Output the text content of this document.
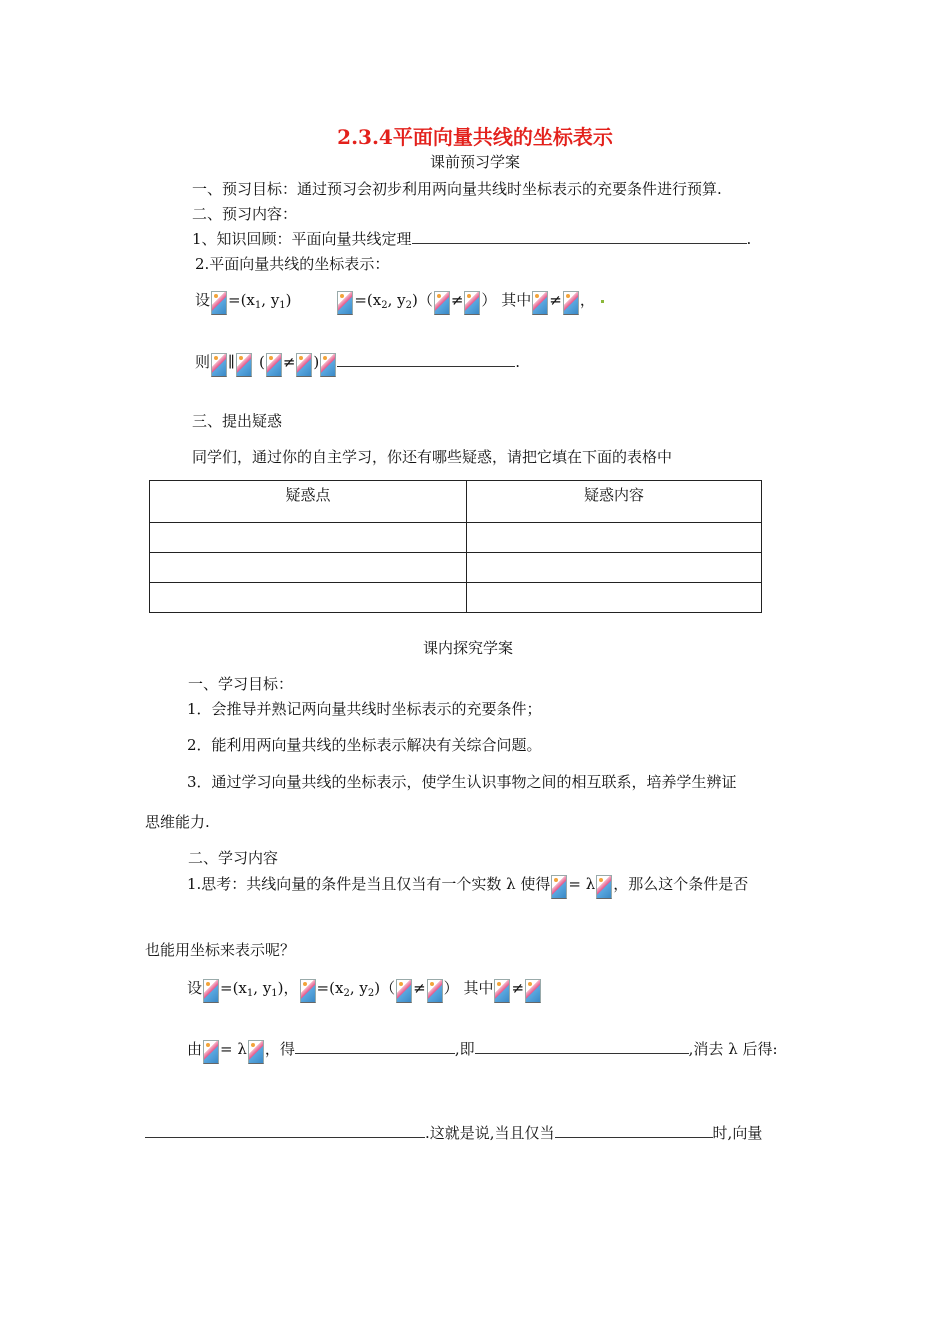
2.3.4平面向量共线的坐标表示
课前预习学案
一、预习目标：通过预习会初步利用两向量共线时坐标表示的充要条件进行预算.
二、预习内容：
1、知识回顾：平面向量共线定理	.
2.平面向量共线的坐标表示：
设 $=(x_1$, $y_1$)	$=(x_2$, $y_2$)（ ≠ ） 其中 ≠ ，
则 ∥ ( ≠ )	.
三、提出疑惑
同学们，通过你的自主学习，你还有哪些疑惑，请把它填在下面的表格中
疑惑点	疑惑内容

课内探究学案
一、学习目标：
1．会推导并熟记两向量共线时坐标表示的充要条件；
2．能利用两向量共线的坐标表示解决有关综合问题。
3．通过学习向量共线的坐标表示，使学生认识事物之间的相互联系，培养学生辨证
思维能力.
二、学习内容
1.思考：共线向量的条件是当且仅当有一个实数 λ 使得 = λ ，那么这个条件是否
也能用坐标来表示呢？
设 $=(x_1$, $y_1$)， $=(x_2$, $y_2$)（ ≠ ） 其中 ≠
由 = λ ，得	,即	,消去 λ 后得:
.这就是说,当且仅当	时,向量
